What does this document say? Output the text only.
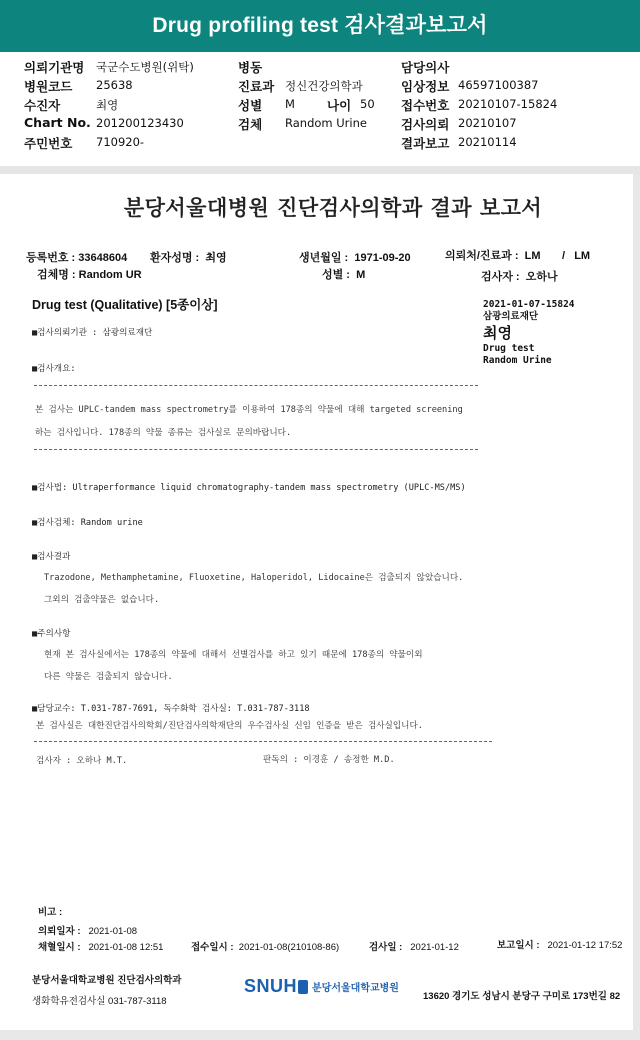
Drug profiling test 검사결과보고서
의뢰기관명 국군수도병원(위탁)
병원코드 25638
수진자	최영
Chart No. 201200123430
주민번호 710920-
병동
진료과 정신건강의학과
성별 M	나이 50
검체 Random Urine
담당의사
임상정보 46597100387
접수번호 20210107-15824
검사의뢰 20210107
결과보고 20210114
분당서울대병원 진단검사의학과 결과 보고서
등록번호 : 33648604 환자성명 : 최영	생년월일 : 1971-09-20	의뢰처/진료과 : LM / LM
검체명 : Random UR	성별 : M	검사자 : 오하나
Drug test (Qualitative) [5종이상]	2021-01-07-15824
삼광의료재단
최영
Drug test
Random Urine
■검사의뢰기관 : 삼광의료재단
■검사개요:
본 검사는 UPLC-tandem mass spectrometry를 이용하여 178종의 약물에 대해 targeted screening
하는 검사입니다. 178종의 약물 종류는 검사실로 문의바랍니다.
■검사법: Ultraperformance liquid chromatography-tandem mass spectrometry (UPLC-MS/MS)
■검사검체: Random urine
■검사결과
Trazodone, Methamphetamine, Fluoxetine, Haloperidol, Lidocaine은 검출되지 않았습니다.
그외의 검출약물은 없습니다.
■주의사항
현재 본 검사실에서는 178종의 약물에 대해서 선별검사를 하고 있기 때문에 178종의 약물이외
다른 약물은 검출되지 않습니다.
■담당교수: T.031-787-7691, 독수화학 검사실: T.031-787-3118
본 검사실은 대한진단검사의학회/진단검사의학재단의 우수검사실 신임 인증을 받은 검사실입니다.
검사자 : 오하나 M.T.	판독의 : 이경훈 / 송정한 M.D.
비고 :
의뢰일자 : 2021-01-08
채혈일시 : 2021-01-08 12:51	접수일시 : 2021-01-08(210108-86)	검사일 : 2021-01-12	보고일시 : 2021-01-12 17:52
분당서울대학교병원 진단검사의학과
생화학유전검사실 031-787-3118
SNUH 분당서울대학교병원
13620 경기도 성남시 분당구 구미로 173번길 82
